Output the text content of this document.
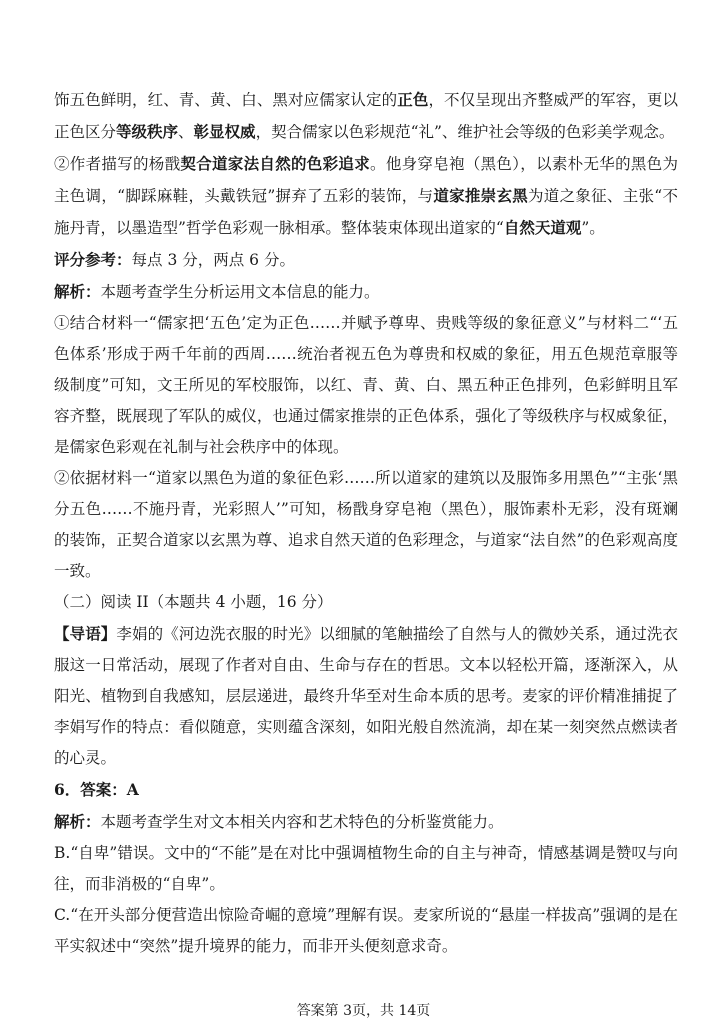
饰五色鲜明，红、青、黄、白、黑对应儒家认定的正色，不仅呈现出齐整威严的军容，更以正色区分等级秩序、彰显权威，契合儒家以色彩规范“礼”、维护社会等级的色彩美学观念。

②作者描写的杨戬契合道家法自然的色彩追求。他身穿皂袍（黑色），以素朴无华的黑色为主色调，“脚踩麻鞋，头戴铁冠”摒弃了五彩的装饰，与道家推崇玄黑为道之象征、主张“不施丹青，以墨造型”哲学色彩观一脉相承。整体装束体现出道家的“自然天道观”。

评分参考：每点 3 分，两点 6 分。

解析：本题考查学生分析运用文本信息的能力。

①结合材料一“儒家把‘五色’定为正色……并赋予尊卑、贵贱等级的象征意义”与材料二“‘五色体系’形成于两千年前的西周……统治者视五色为尊贵和权威的象征，用五色规范章服等级制度”可知，文王所见的军校服饰，以红、青、黄、白、黑五种正色排列，色彩鲜明且军容齐整，既展现了军队的威仪，也通过儒家推崇的正色体系，强化了等级秩序与权威象征，是儒家色彩观在礼制与社会秩序中的体现。

②依据材料一“道家以黑色为道的象征色彩……所以道家的建筑以及服饰多用黑色”“主张‘黑分五色……不施丹青，光彩照人’”可知，杨戬身穿皂袍（黑色），服饰素朴无彩，没有斑斓的装饰，正契合道家以玄黑为尊、追求自然天道的色彩理念，与道家“法自然”的色彩观高度一致。

（二）阅读 II（本题共 4 小题，16 分）

【导语】李娟的《河边洗衣服的时光》以细腻的笔触描绘了自然与人的微妙关系，通过洗衣服这一日常活动，展现了作者对自由、生命与存在的哲思。文本以轻松开篇，逐渐深入，从阳光、植物到自我感知，层层递进，最终升华至对生命本质的思考。麦家的评价精准捕捉了李娟写作的特点：看似随意，实则蕴含深刻，如阳光般自然流淌，却在某一刻突然点燃读者的心灵。

6．答案：A

解析：本题考查学生对文本相关内容和艺术特色的分析鉴赏能力。

B.“自卑”错误。文中的“不能”是在对比中强调植物生命的自主与神奇，情感基调是赞叹与向往，而非消极的“自卑”。

C.“在开头部分便营造出惊险奇崛的意境”理解有误。麦家所说的“悬崖一样拔高”强调的是在平实叙述中“突然”提升境界的能力，而非开头便刻意求奇。

答案第 3页，共 14页
